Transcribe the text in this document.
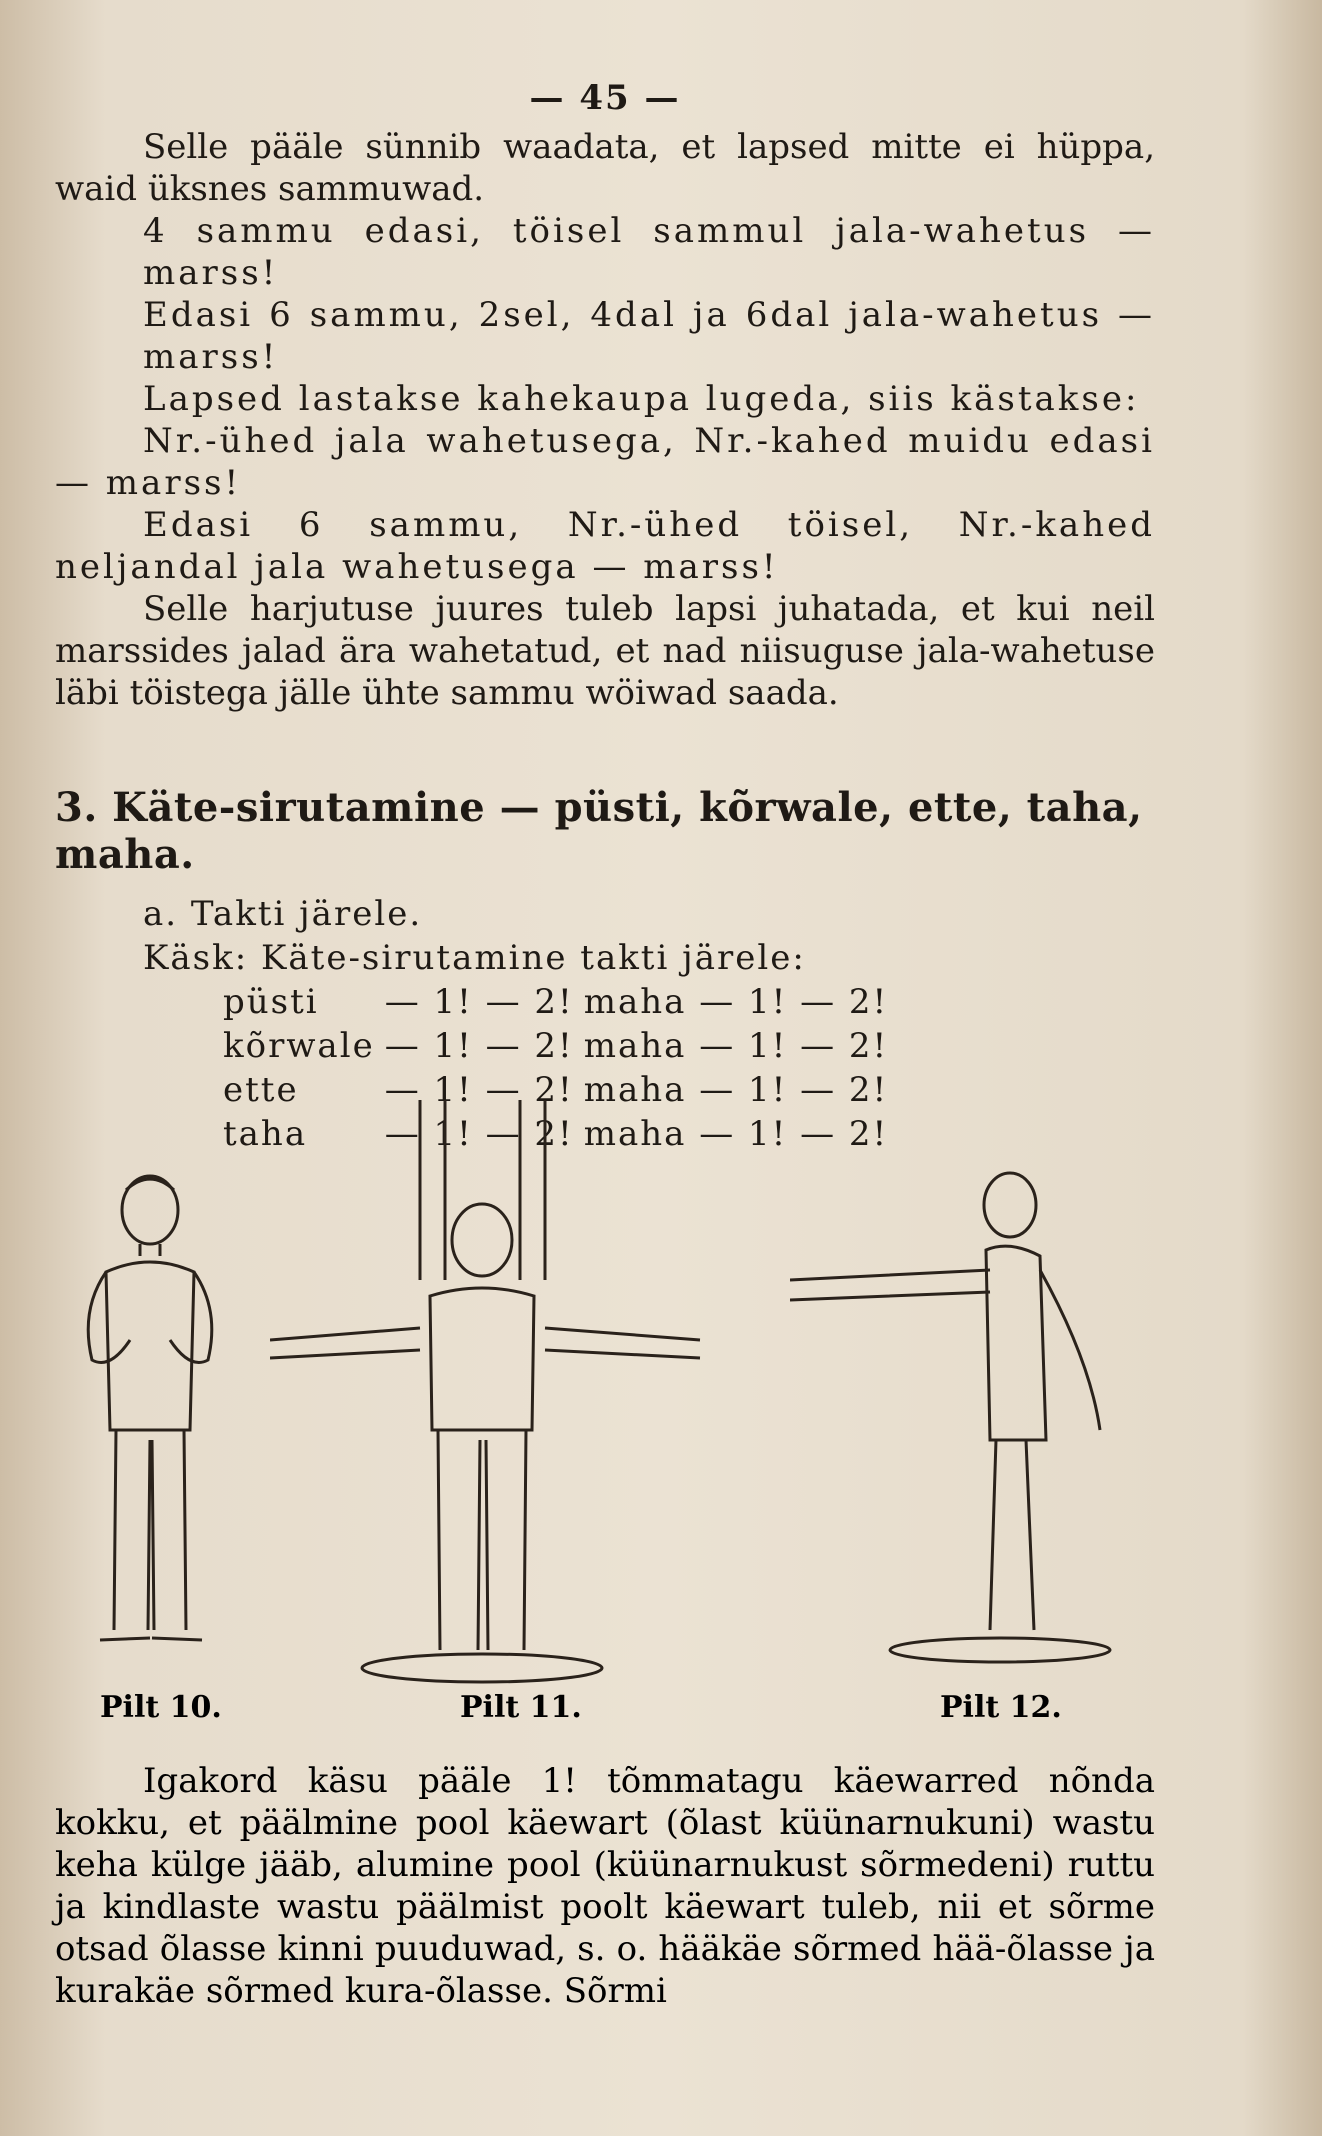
— 45 —

Selle pääle sünnib waadata, et lapsed mitte ei hüppa, waid üksnes sammuwad.

4 sammu edasi, töisel sammul jala-wahetus — marss!

Edasi 6 sammu, 2sel, 4dal ja 6dal jala-wahetus — marss!

Lapsed lastakse kahekaupa lugeda, siis kästakse:

Nr.-ühed jala wahetusega, Nr.-kahed muidu edasi — marss!

Edasi 6 sammu, Nr.-ühed töisel, Nr.-kahed neljandal jala wahetusega — marss!

Selle harjutuse juures tuleb lapsi juhatada, et kui neil marssides jalad ära wahetatud, et nad niisuguse jala-wahetuse läbi töistega jälle ühte sammu wöiwad saada.

3. Käte-sirutamine — püsti, kõrwale, ette, taha, maha.

a. Takti järele.

Käsk: Käte-sirutamine takti järele:

püsti	— 1! — 2!	maha — 1! — 2!
kõrwale	— 1! — 2!	maha — 1! — 2!
ette	— 1! — 2!	maha — 1! — 2!
taha	— 1! — 2!	maha — 1! — 2!
Pilt 10.	Pilt 11.	Pilt 12.

Igakord käsu pääle 1! tõmmatagu käewarred nõnda kokku, et päälmine pool käewart (õlast küünarnukuni) wastu keha külge jääb, alumine pool (küünarnukust sõrmedeni) ruttu ja kindlaste wastu päälmist poolt käewart tuleb, nii et sõrme otsad õlasse kinni puuduwad, s. o. hääkäe sõrmed hää-õlasse ja kurakäe sõrmed kura-õlasse. Sõrmi
